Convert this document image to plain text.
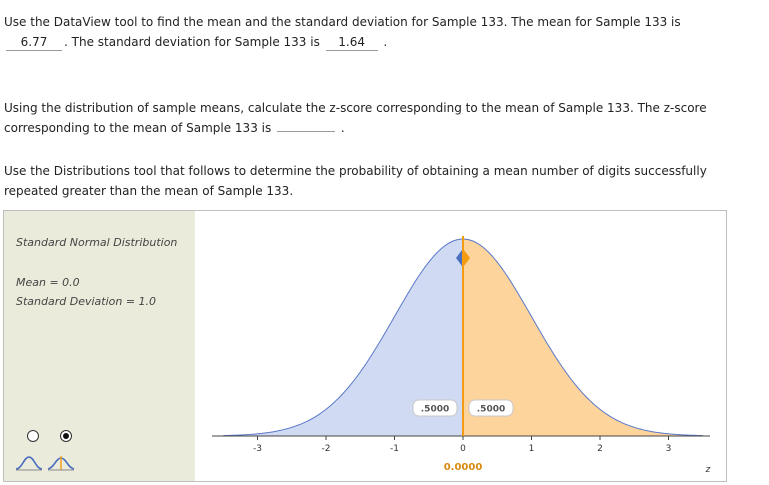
Use the DataView tool to find the mean and the standard deviation for Sample 133. The mean for Sample 133 is
6.77 . The standard deviation for Sample 133 is 1.64 .

Using the distribution of sample means, calculate the z-score corresponding to the mean of Sample 133. The z-score corresponding to the mean of Sample 133 is	.

Use the Distributions tool that follows to determine the probability of obtaining a mean number of digits successfully repeated greater than the mean of Sample 133.

Standard Normal Distribution
Mean = 0.0
Standard Deviation = 1.0
-3	-2	-1	0	1	2	3
.5000	.5000
0.0000	z
